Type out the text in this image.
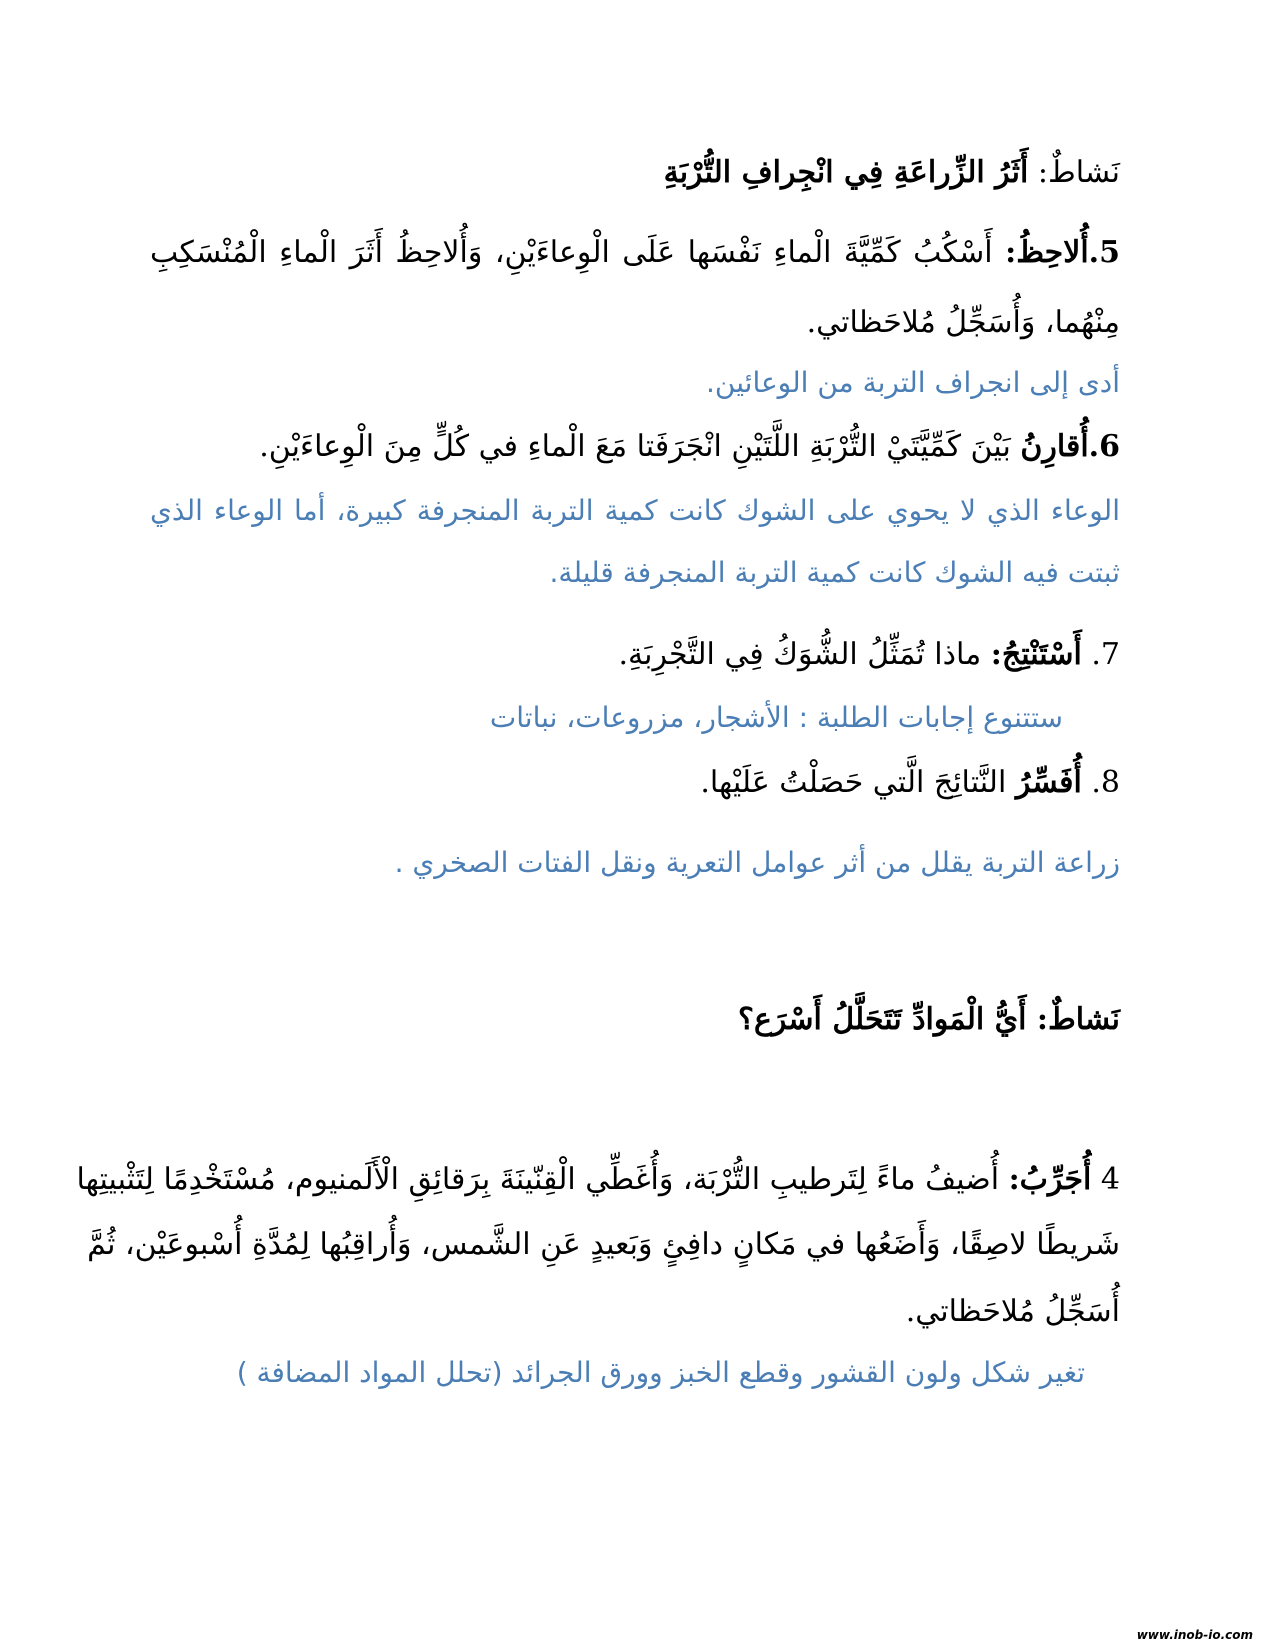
نَشاطٌ: أَثَرُ الزِّراعَةِ فِي انْجِرافِ التُّرْبَةِ
5.أُلاحِظُ: أَسْكُبُ كَمِّيَّةَ الْماءِ نَفْسَها عَلَى الْوِعاءَيْنِ، وَأُلاحِظُ أَثَرَ الْماءِ الْمُنْسَكِبِ
مِنْهُما، وَأُسَجِّلُ مُلاحَظاتي.
أدى إلى انجراف التربة من الوعائين.
6.أُقارِنُ بَيْنَ كَمِّيَّتَيْ التُّرْبَةِ اللَّتَيْنِ انْجَرَفَتا مَعَ الْماءِ في كُلٍّ مِنَ الْوِعاءَيْنِ.
الوعاء الذي لا يحوي على الشوك كانت كمية التربة المنجرفة كبيرة، أما الوعاء الذي
ثبتت فيه الشوك كانت كمية التربة المنجرفة قليلة.
7. أَسْتَنْتِجُ: ماذا تُمَثِّلُ الشُّوَكُ فِي التَّجْرِبَةِ.
ستتنوع إجابات الطلبة : الأشجار، مزروعات، نباتات
8. أُفَسِّرُ النَّتائِجَ الَّتي حَصَلْتُ عَلَيْها.
زراعة التربة يقلل من أثر عوامل التعرية ونقل الفتات الصخري .
نَشاطٌ: أَيُّ الْمَوادِّ تَتَحَلَّلُ أَسْرَع؟
4 أُجَرِّبُ: أُضيفُ ماءً لِتَرطيبِ التُّرْبَة، وَأُغَطِّي الْقِنّينَةَ بِرَقائِقِ الْأَلَمنيوم، مُسْتَخْدِمًا لِتَثْبيتِها
شَريطًا لاصِقًا، وَأَضَعُها في مَكانٍ دافِئٍ وَبَعيدٍ عَنِ الشَّمس، وَأُراقِبُها لِمُدَّةِ أُسْبوعَيْن، ثُمَّ
أُسَجِّلُ مُلاحَظاتي.
تغير شكل ولون القشور وقطع الخبز وورق الجرائد (تحلل المواد المضافة )
www.inob-io.com
